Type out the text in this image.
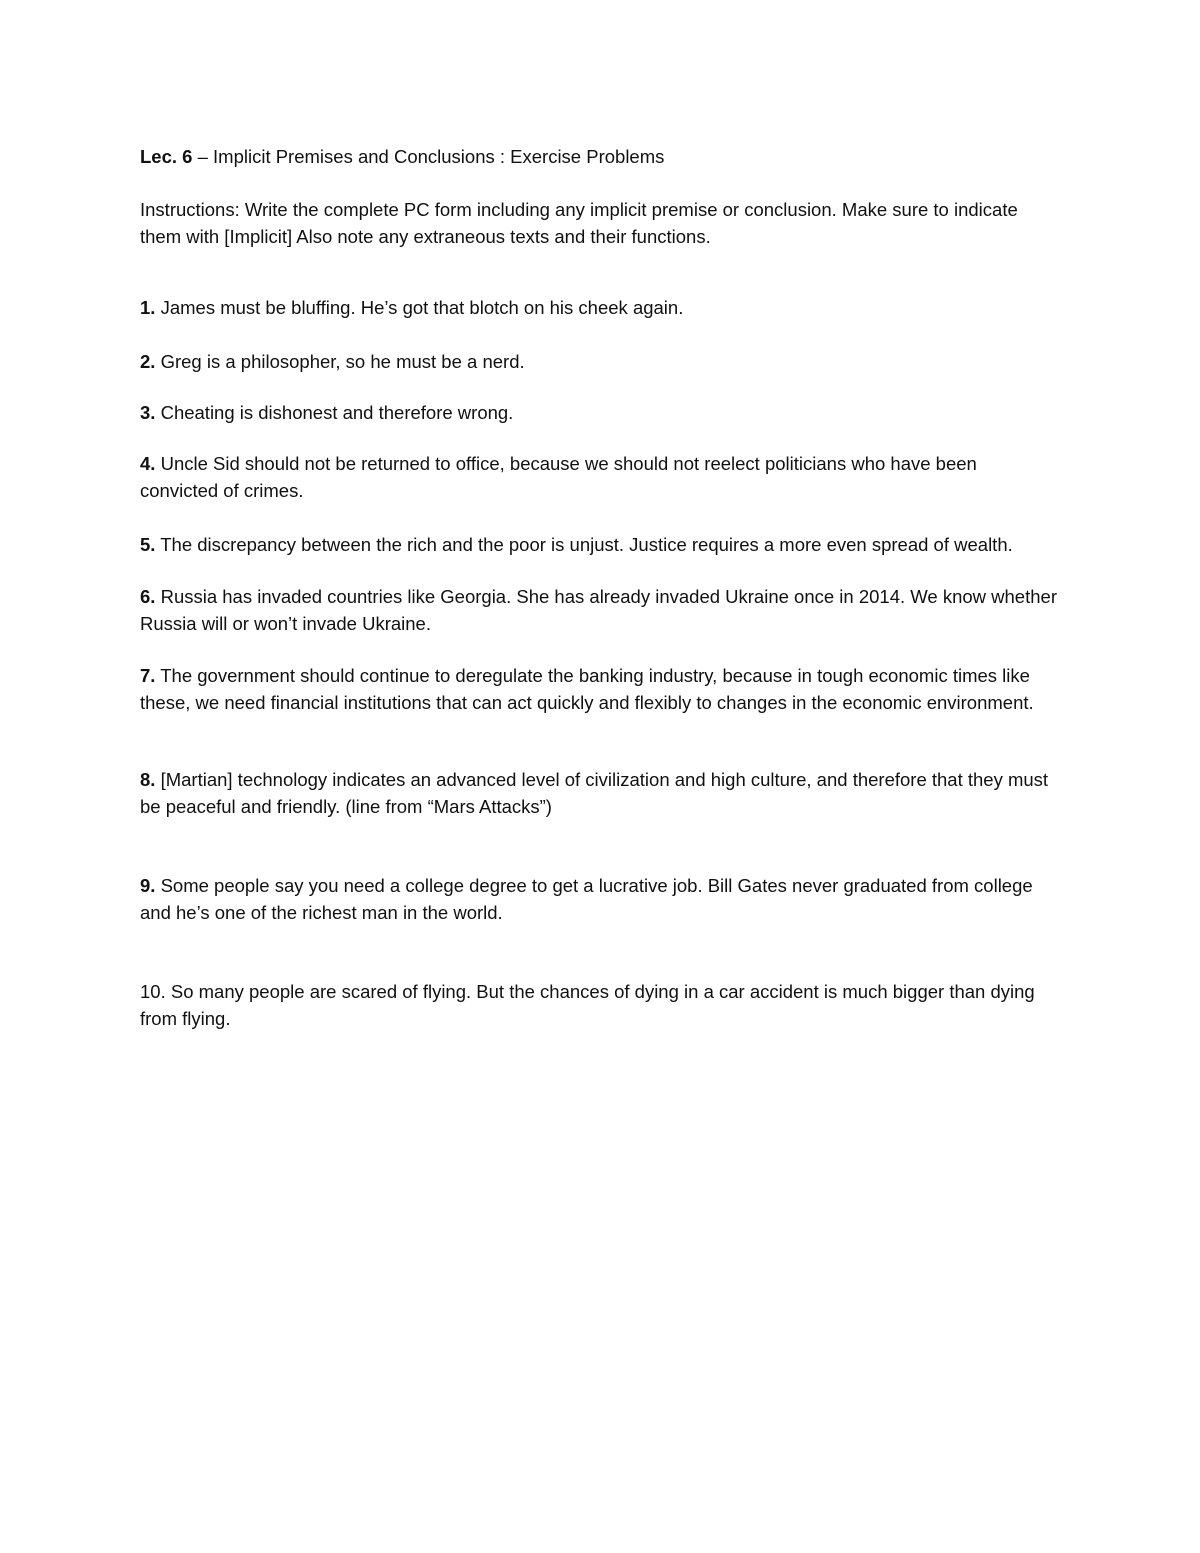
Lec. 6 – Implicit Premises and Conclusions : Exercise Problems

Instructions: Write the complete PC form including any implicit premise or conclusion. Make sure to indicate them with [Implicit] Also note any extraneous texts and their functions.

1. James must be bluffing. He’s got that blotch on his cheek again.

2. Greg is a philosopher, so he must be a nerd.

3. Cheating is dishonest and therefore wrong.

4. Uncle Sid should not be returned to office, because we should not reelect politicians who have been convicted of crimes.

5. The discrepancy between the rich and the poor is unjust. Justice requires a more even spread of wealth.

6. Russia has invaded countries like Georgia. She has already invaded Ukraine once in 2014. We know whether Russia will or won’t invade Ukraine.

7. The government should continue to deregulate the banking industry, because in tough economic times like these, we need financial institutions that can act quickly and flexibly to changes in the economic environment.

8. [Martian] technology indicates an advanced level of civilization and high culture, and therefore that they must be peaceful and friendly. (line from “Mars Attacks”)

9. Some people say you need a college degree to get a lucrative job. Bill Gates never graduated from college and he’s one of the richest man in the world.

10. So many people are scared of flying. But the chances of dying in a car accident is much bigger than dying from flying.
